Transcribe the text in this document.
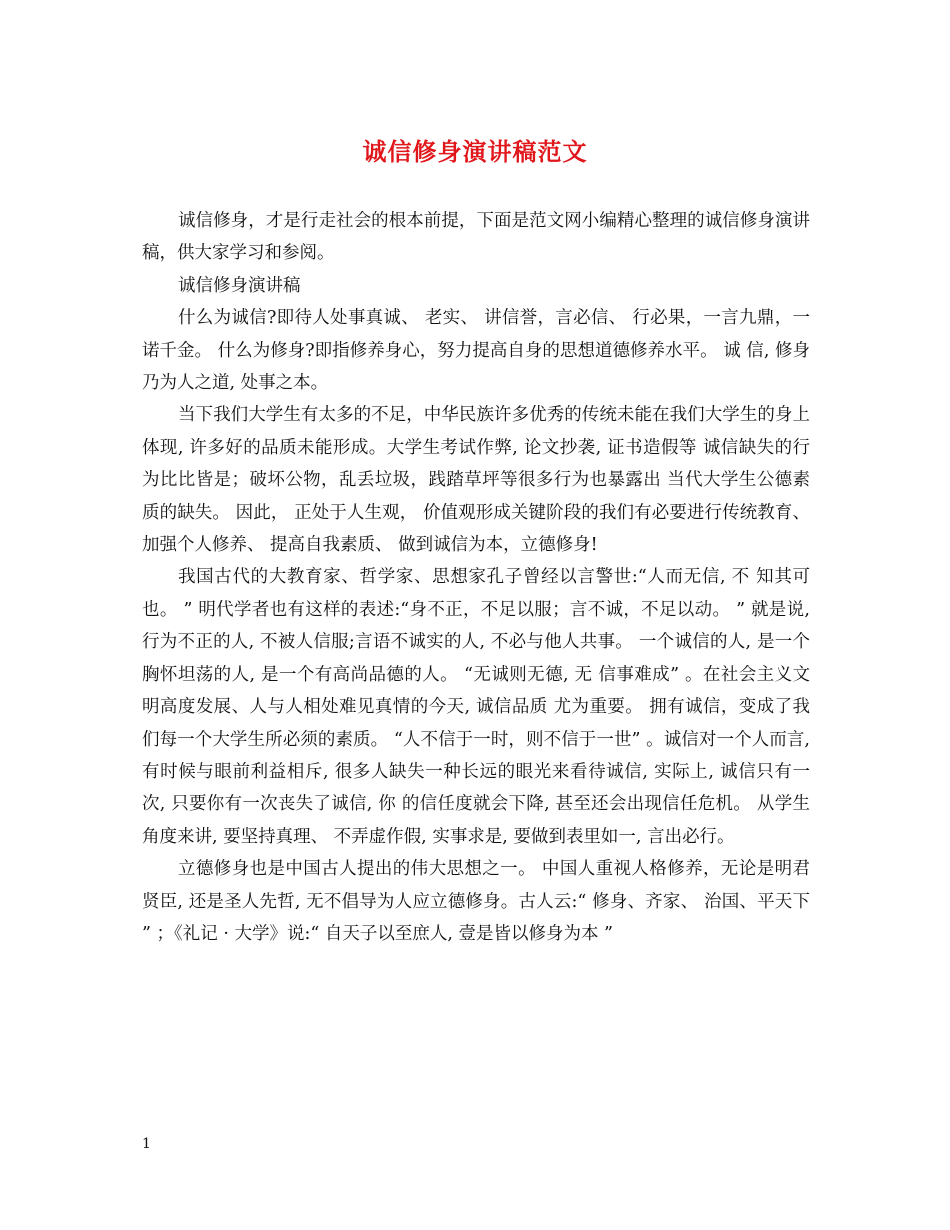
诚信修身演讲稿范文

诚信修身，才是行走社会的根本前提，下面是范文网小编精心整理的诚信修身演讲稿，供大家学习和参阅。

诚信修身演讲稿

什么为诚信?即待人处事真诚、 老实、 讲信誉，言必信、 行必果，一言九鼎，一诺千金。 什么为修身?即指修养身心，努力提高自身的思想道德修养水平。 诚 信, 修身乃为人之道, 处事之本。

当下我们大学生有太多的不足，中华民族许多优秀的传统未能在我们大学生的身上体现, 许多好的品质未能形成。大学生考试作弊, 论文抄袭, 证书造假等 诚信缺失的行为比比皆是；破坏公物，乱丢垃圾，践踏草坪等很多行为也暴露出 当代大学生公德素质的缺失。 因此， 正处于人生观， 价值观形成关键阶段的我们有必要进行传统教育、 加强个人修养、 提高自我素质、 做到诚信为本，立德修身!

我国古代的大教育家、哲学家、思想家孔子曾经以言警世:“人而无信, 不 知其可也。 ” 明代学者也有这样的表述:“身不正，不足以服；言不诚，不足以动。 ” 就是说, 行为不正的人, 不被人信服;言语不诚实的人, 不必与他人共事。 一个诚信的人, 是一个胸怀坦荡的人, 是一个有高尚品德的人。 “无诚则无德, 无 信事难成” 。在社会主义文明高度发展、人与人相处难见真情的今天, 诚信品质 尤为重要。 拥有诚信，变成了我们每一个大学生所必须的素质。 “人不信于一时，则不信于一世” 。诚信对一个人而言, 有时候与眼前利益相斥, 很多人缺失一种长远的眼光来看待诚信, 实际上, 诚信只有一次, 只要你有一次丧失了诚信, 你 的信任度就会下降, 甚至还会出现信任危机。 从学生角度来讲, 要坚持真理、 不弄虚作假, 实事求是, 要做到表里如一, 言出必行。

立德修身也是中国古人提出的伟大思想之一。 中国人重视人格修养，无论是明君贤臣, 还是圣人先哲, 无不倡导为人应立德修身。古人云:“ 修身、齐家、 治国、平天下 ” ；《礼记 · 大学》说:“ 自天子以至庶人, 壹是皆以修身为本 ”

1
